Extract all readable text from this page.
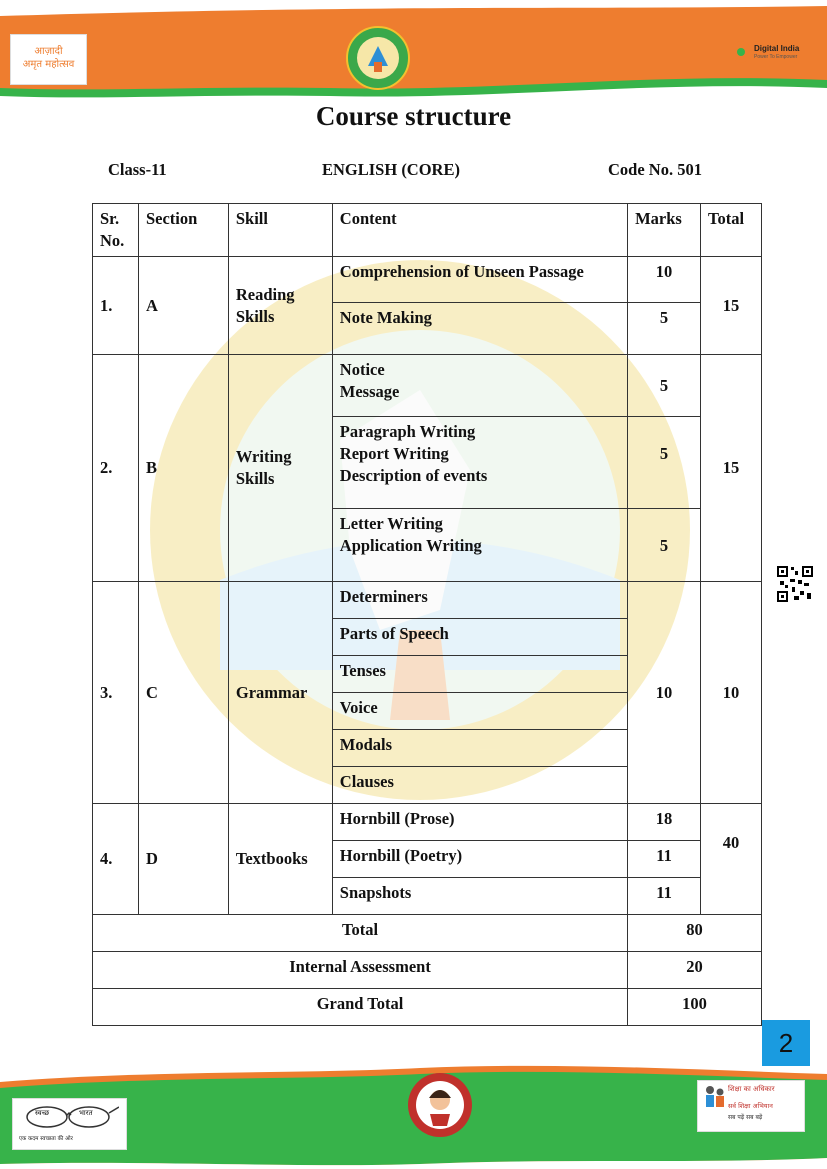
आज़ादी
अमृत महोत्सव
Digital India
Power To Empower
Course structure
Class-11	ENGLISH (CORE)	Code No. 501
Sr. No.	Section	Skill	Content	Marks	Total
1.	A	Reading Skills	Comprehension of Unseen Passage	10	15
			Note Making	5	
2.	B	Writing Skills	Notice
Message	5	15

			Paragraph Writing
Report Writing
Description of events	5	

			Letter Writing
Application Writing	5	
3.	C	Grammar	Determiners	10	10
			Parts of Speech		
			Tenses		
			Voice		
			Modals		
			Clauses		
4.	D	Textbooks	Hornbill (Prose)	18	40
			Hornbill (Poetry)	11	
			Snapshots	11	
Total				80	
Internal Assessment				20	
Grand Total				100	
2
स्वच्छ	भारत
एक कदम स्वच्छता की ओर
शिक्षा का अधिकार
सर्व शिक्षा अभियान
सब पढ़ें सब बढ़ें
